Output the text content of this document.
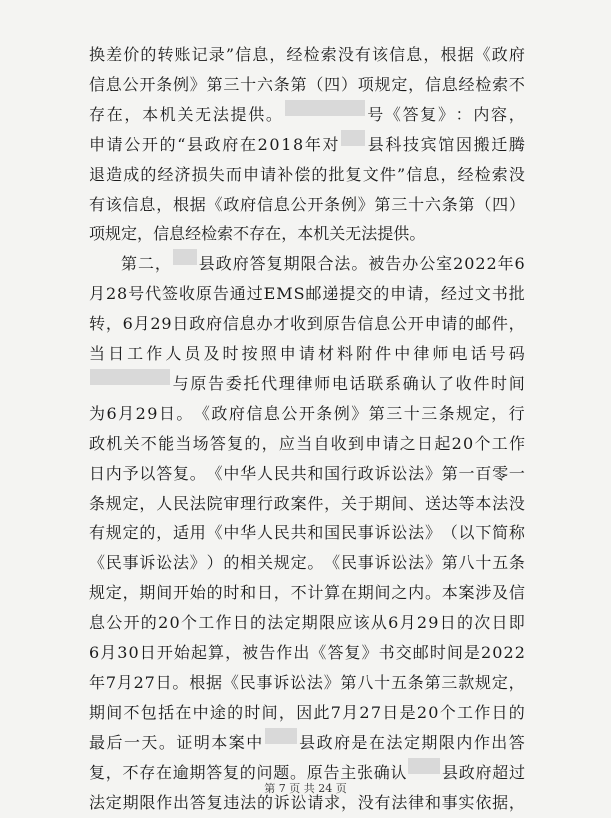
换 差 价 的 转 账 记 录 ” 信 息 ， 经 检 索 没 有 该 信 息 ， 根 据 《 政 府
信 息 公 开 条 例 》 第 三 十 六 条 第 （ 四 ） 项 规 定 ， 信 息 经 检 索 不
存 在 ， 本 机 关 无 法 提 供 。	号 《 答 复 》 ： 内 容 ，
申 请 公 开 的 “ 县 政 府 在 2 0 1 8 年 对 县 科 技 宾 馆 因 搬 迁 腾
退 造 成 的 经 济 损 失 而 申 请 补 偿 的 批 复 文 件 ” 信 息 ， 经 检 索 没
有 该 信 息 ， 根 据 《 政 府 信 息 公 开 条 例 》 第 三 十 六 条 第 （ 四 ）
项 规 定 ， 信 息 经 检 索 不 存 在 ， 本 机 关 无 法 提 供 。
第 二 ， 县 政 府 答 复 期 限 合 法 。 被 告 办 公 室 2 0 2 2 年 6
月 2 8 号 代 签 收 原 告 通 过 E M S 邮 递 提 交 的 申 请 ， 经 过 文 书 批
转 ， 6 月 2 9 日 政 府 信 息 办 才 收 到 原 告 信 息 公 开 申 请 的 邮 件 ，
当 日 工 作 人 员 及 时 按 照 申 请 材 料 附 件 中 律 师 电 话 号 码
与 原 告 委 托 代 理 律 师 电 话 联 系 确 认 了 收 件 时 间
为 6 月 2 9 日 。 《 政 府 信 息 公 开 条 例 》 第 三 十 三 条 规 定 ， 行
政 机 关 不 能 当 场 答 复 的 ， 应 当 自 收 到 申 请 之 日 起 2 0 个 工 作
日 内 予 以 答 复 。 《 中 华 人 民 共 和 国 行 政 诉 讼 法 》 第 一 百 零 一
条 规 定 ， 人 民 法 院 审 理 行 政 案 件 ， 关 于 期 间 、 送 达 等 本 法 没
有 规 定 的 ， 适 用 《 中 华 人 民 共 和 国 民 事 诉 讼 法 》 （ 以 下 简 称
《 民 事 诉 讼 法 》 ） 的 相 关 规 定 。 《 民 事 诉 讼 法 》 第 八 十 五 条
规 定 ， 期 间 开 始 的 时 和 日 ， 不 计 算 在 期 间 之 内 。 本 案 涉 及 信
息 公 开 的 2 0 个 工 作 日 的 法 定 期 限 应 该 从 6 月 2 9 日 的 次 日 即
6 月 3 0 日 开 始 起 算 ， 被 告 作 出 《 答 复 》 书 交 邮 时 间 是 2 0 2 2
年 7 月 2 7 日 。 根 据 《 民 事 诉 讼 法 》 第 八 十 五 条 第 三 款 规 定 ，
期 间 不 包 括 在 中 途 的 时 间 ， 因 此 7 月 2 7 日 是 2 0 个 工 作 日 的
最 后 一 天 。 证 明 本 案 中 县 政 府 是 在 法 定 期 限 内 作 出 答
复 ， 不 存 在 逾 期 答 复 的 问 题 。 原 告 主 张 确 认 县 政 府 超 过
法 定 期 限 作 出 答 复 违 法 的 诉 讼 请 求 ， 没 有 法 律 和 事 实 依 据 ，
第 7 页 共 24 页
